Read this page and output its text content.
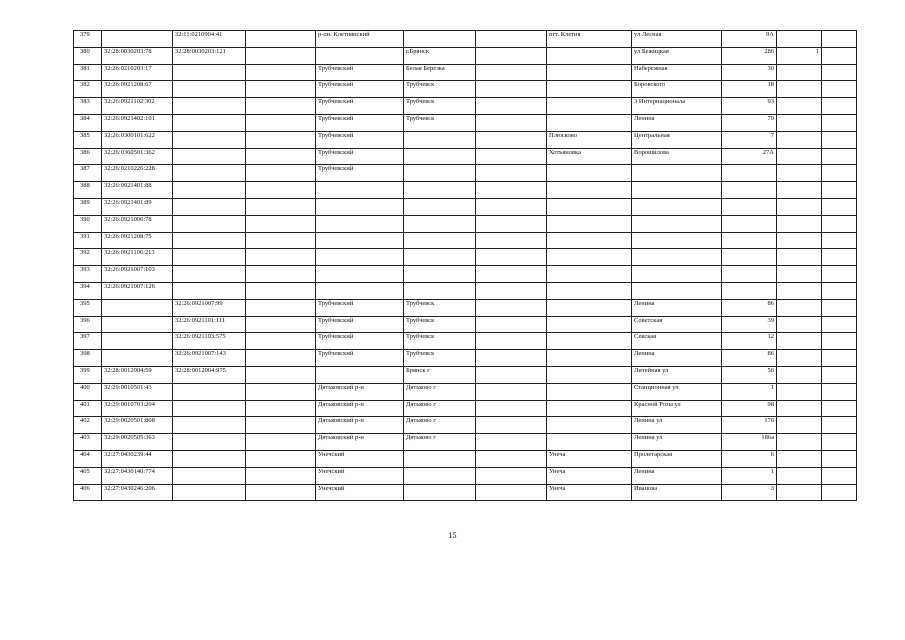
379		32:11:0210904:41		р-он. Клетнянский			пгт. Клетня	ул Лесная	9А		
380	32:28:0030203:78	32:28:0030203:121			г.Брянск			ул.Бежицкая	286	1	
381	32:26:0210203:17			Трубчевский	Белая Березка			Набережная	30		
382	32:26:0921208:67			Трубчевский	Трубчевск			Боровского	18		
383	32:26:0921102:302			Трубчевский	Трубчевск			3 Интернационала	93		
384	32:26:0921402:101			Трубчевский	Трубчевск			Ленина	79		
385	32:26:0300101:622			Трубчевский			Плюсково	Центральная	7		
386	32:26:0360501:362			Трубчевский			Хотьяновка	Ворошилова	27А		
387	32:26:0210226:228			Трубчевский							
388	32:26:0921401:88										
389	32:26:0921401:89										
390	32:26:0921006:78										
391	32:26:0921208:75										
392	32:26:0921106:213										
393	32:26:0921007:103										
394	32:26:0921007:126										
395		32:26:0921007:99		Трубчевский	Трубчевск			Ленина	86		
396		32:26:0921101:111		Трубчевский	Трубчевск			Советская	39		
397		32:26:0921103:575		Трубчевский	Трубчевск			Севская	12		
398		32:26:0921007:143		Трубчевский	Трубчевск			Ленина	86		
399	32:28:0012004:59	32:28:0012004:975			Брянск г			Литейная ул	56		
400	32:29:0010501:43			Дятьковский р-н	Дятьково г			Станционная ул	1		
401	32:29:0010703:204			Дятьковский р-н	Дятьково г			Красной Розы ул	98		
402	32:29:0020501:808			Дятьковский р-н	Дятьково г			Ленина ул	176		
403	32:29:0020505:363			Дятьковский р-н	Дятьково г			Ленина ул	186а		
404	32:27:0430239:44			Унечский			Унеча	Пролетарская	6		
405	32:27:0430140:774			Унечский			Унеча	Ленина	1		
406	32:27:0430246:206			Унечский			Унеча	Иванова	3		
15
